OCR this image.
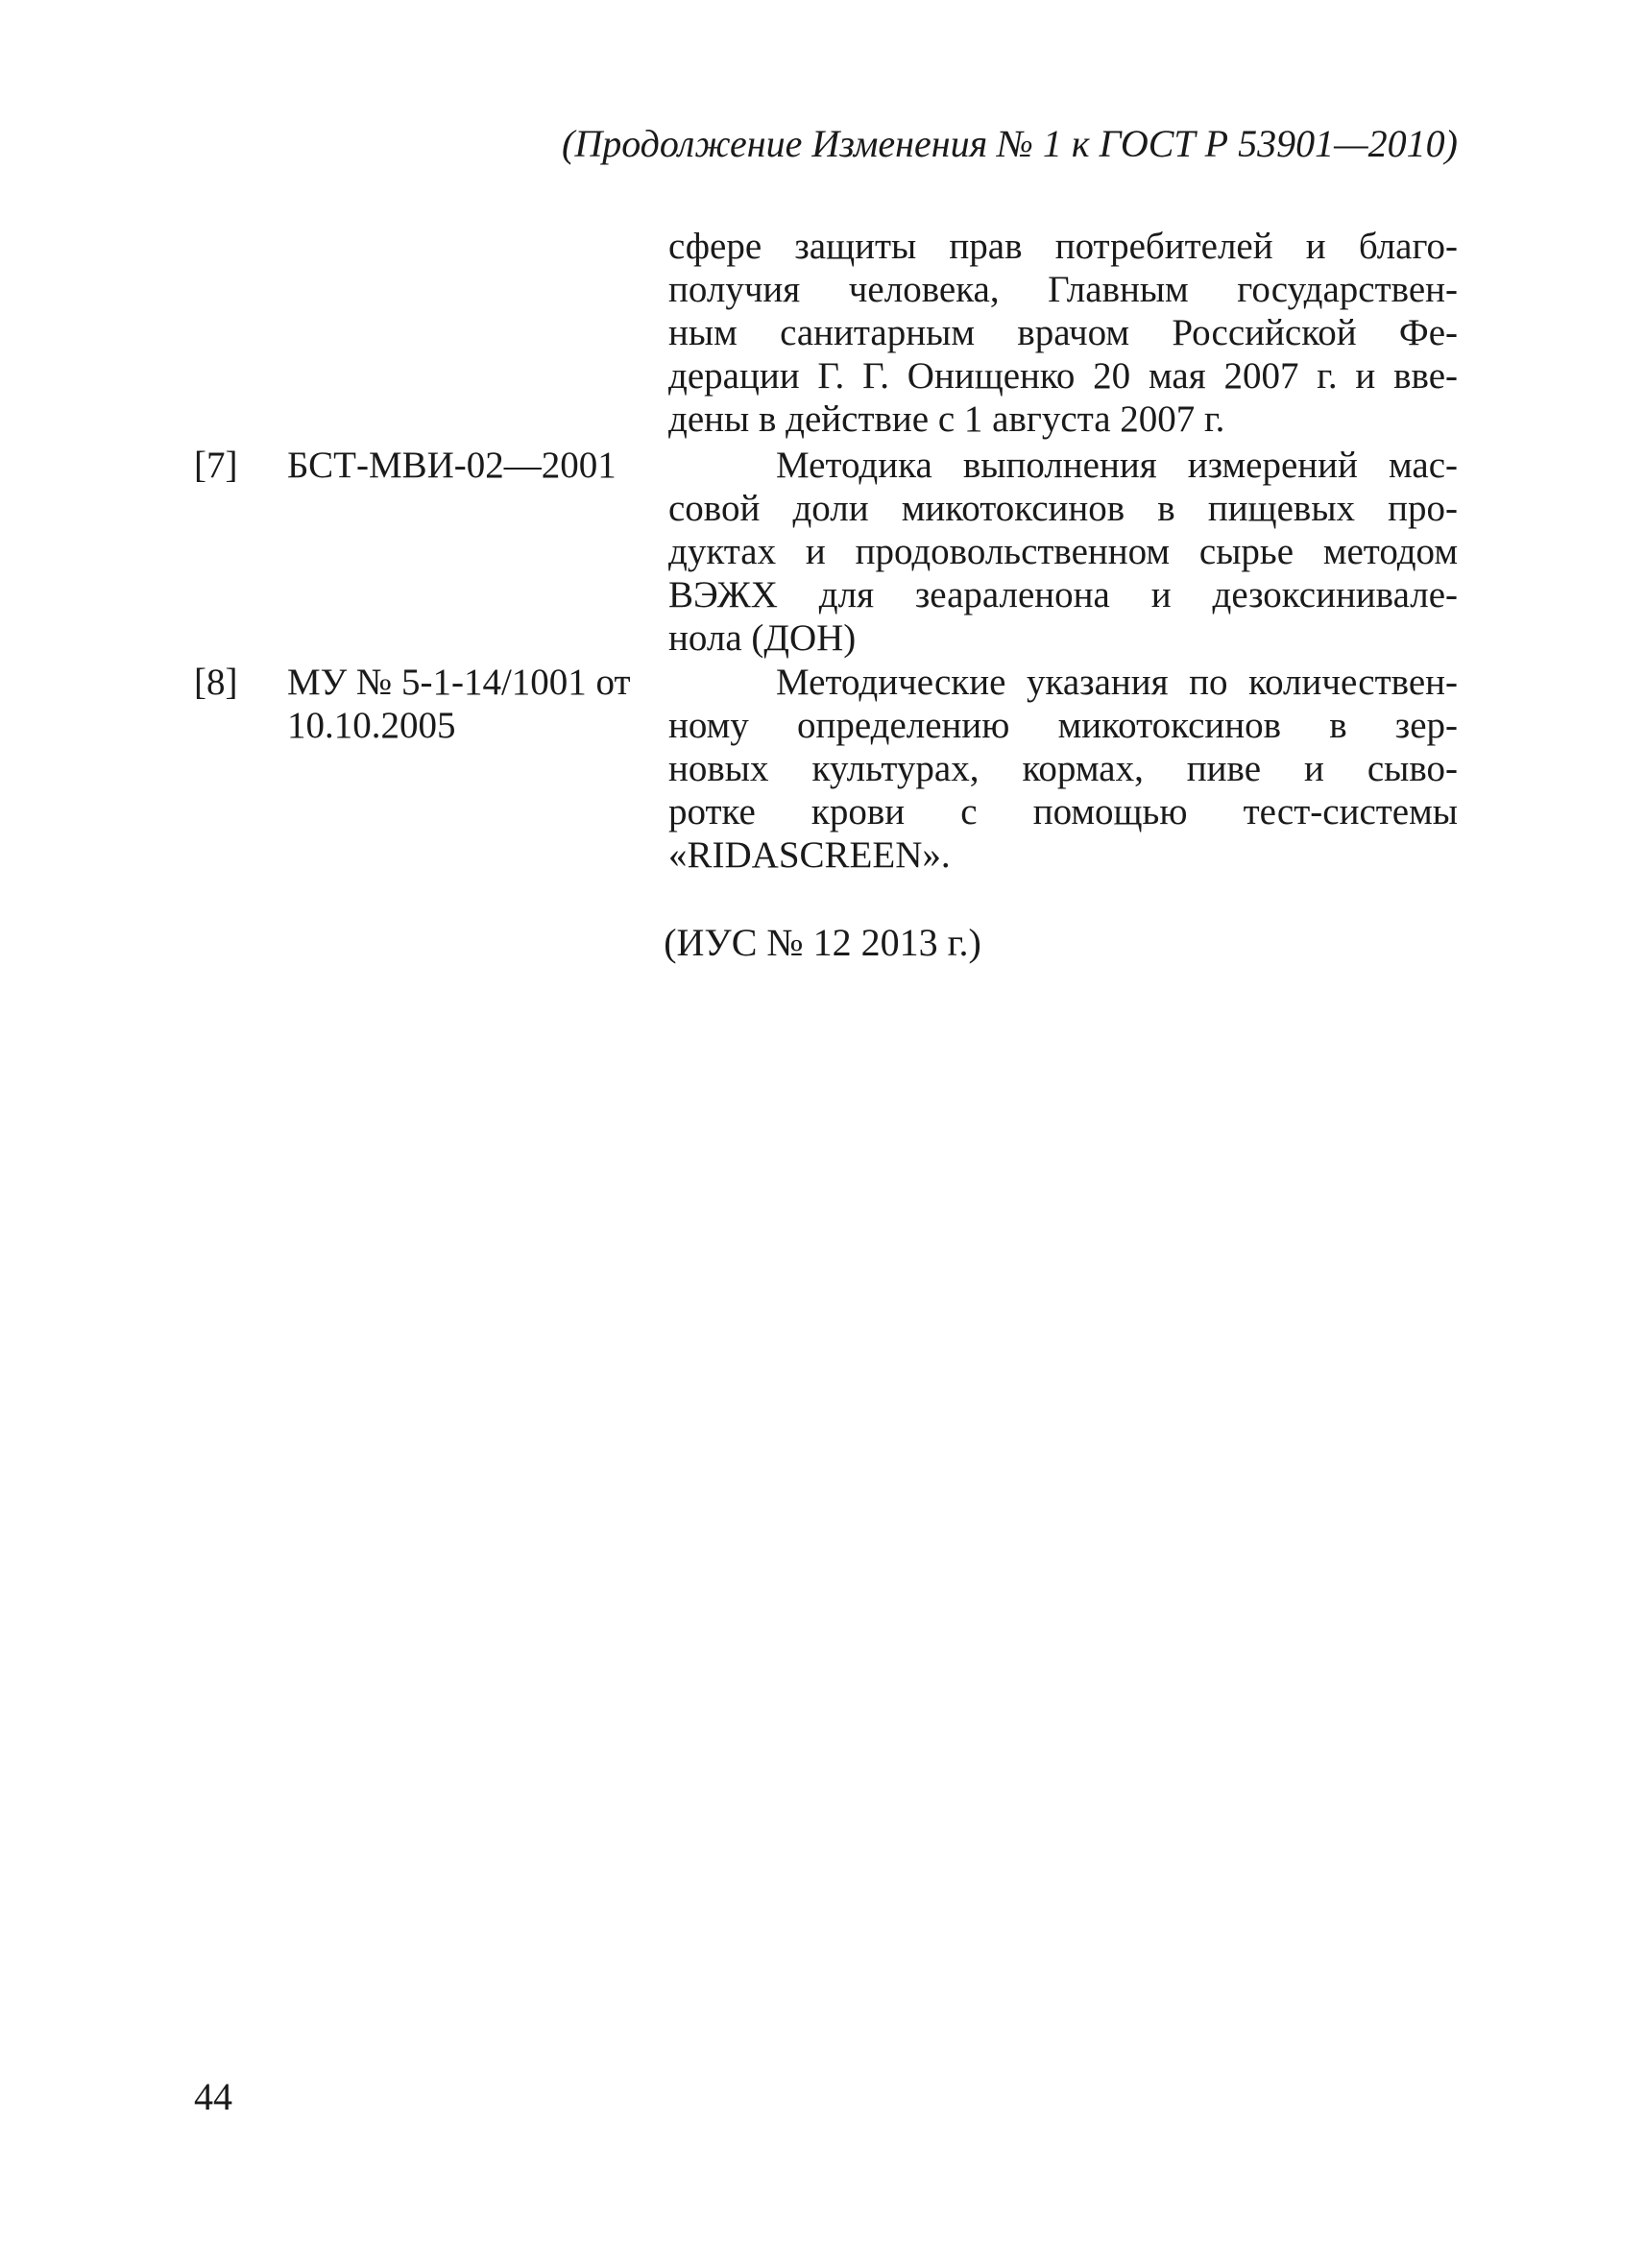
(Продолжение Изменения № 1 к ГОСТ Р 53901—2010)
сфере защиты прав потребителей и благо-
получия человека, Главным государствен-
ным санитарным врачом Российской Фе-
дерации Г. Г. Онищенко 20 мая 2007 г. и вве-
дены в действие с 1 августа 2007 г.
[7] БСТ-МВИ-02—2001	Методика выполнения измерений мас-
совой доли микотоксинов в пищевых про-
дуктах и продовольственном сырье методом
ВЭЖХ для зеараленона и дезоксинивале-
нола (ДОН)
[8] МУ № 5-1-14/1001 от
10.10.2005
Методические указания по количествен-
ному определению микотоксинов в зер-
новых культурах, кормах, пиве и сыво-
ротке крови с помощью тест-системы
«RIDASCREEN».
(ИУС № 12 2013 г.)
44
